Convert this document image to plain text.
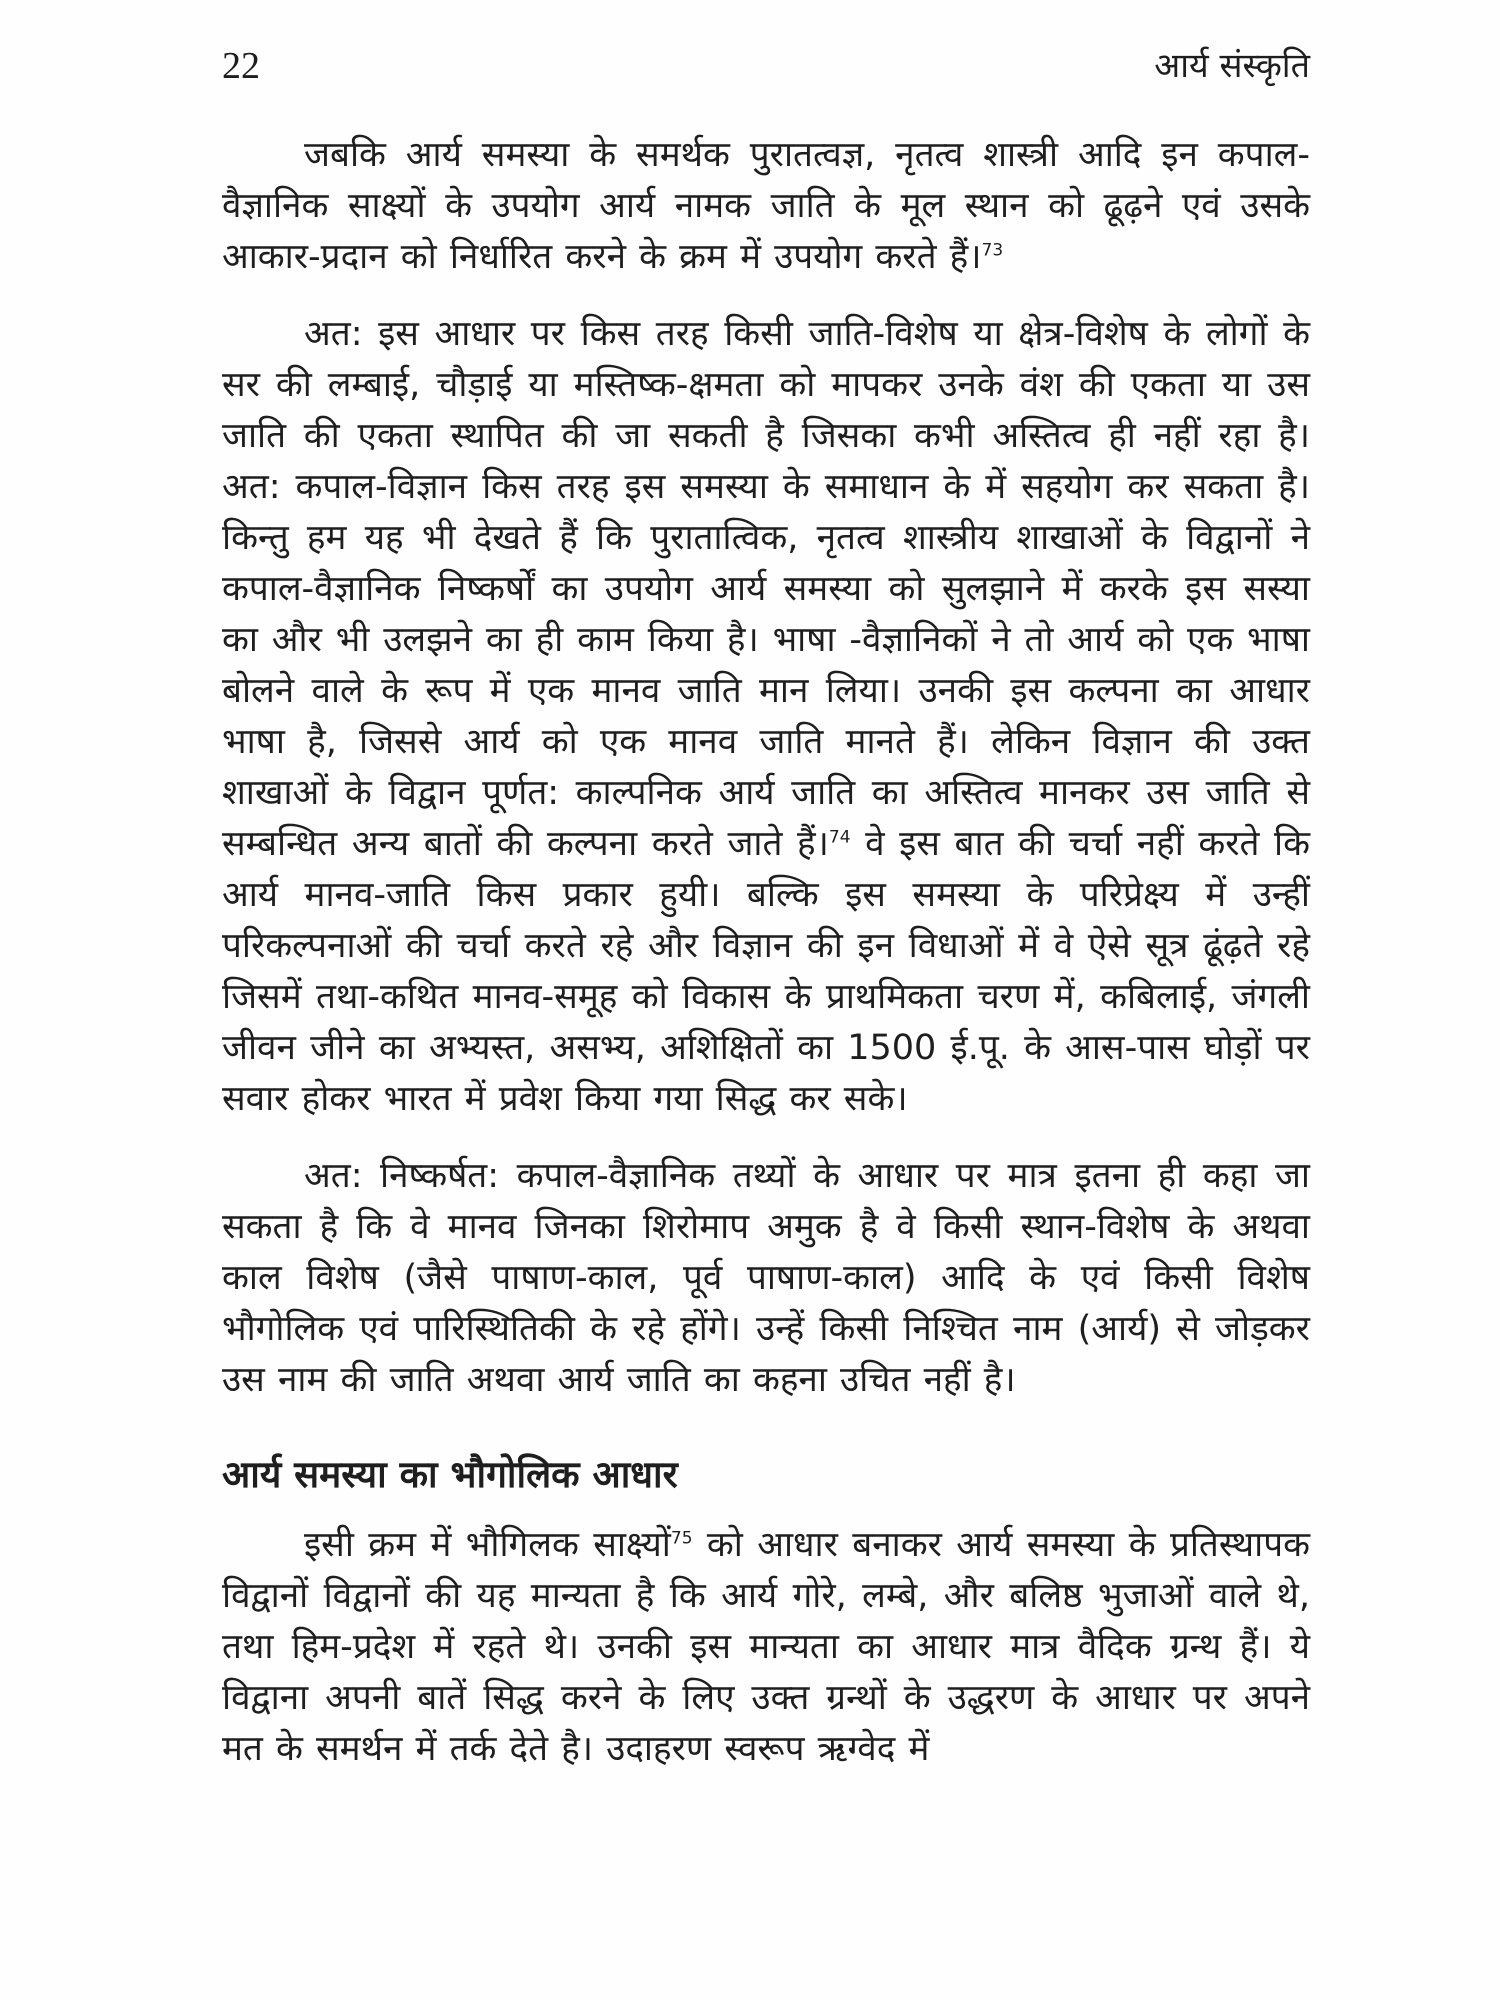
22	आर्य संस्कृति

जबकि आर्य समस्या के समर्थक पुरातत्वज्ञ, नृतत्व शास्त्री आदि इन कपाल-वैज्ञानिक साक्ष्यों के उपयोग आर्य नामक जाति के मूल स्थान को ढूढ़ने एवं उसके आकार-प्रदान को निर्धारित करने के क्रम में उपयोग करते हैं।$^{73}$

अत: इस आधार पर किस तरह किसी जाति-विशेष या क्षेत्र-विशेष के लोगों के सर की लम्बाई, चौड़ाई या मस्तिष्क-क्षमता को मापकर उनके वंश की एकता या उस जाति की एकता स्थापित की जा सकती है जिसका कभी अस्तित्व ही नहीं रहा है। अत: कपाल-विज्ञान किस तरह इस समस्या के समाधान के में सहयोग कर सकता है। किन्तु हम यह भी देखते हैं कि पुरातात्विक, नृतत्व शास्त्रीय शाखाओं के विद्वानों ने कपाल-वैज्ञानिक निष्कर्षों का उपयोग आर्य समस्या को सुलझाने में करके इस सस्या का और भी उलझने का ही काम किया है। भाषा -वैज्ञानिकों ने तो आर्य को एक भाषा बोलने वाले के रूप में एक मानव जाति मान लिया। उनकी इस कल्पना का आधार भाषा है, जिससे आर्य को एक मानव जाति मानते हैं। लेकिन विज्ञान की उक्त शाखाओं के विद्वान पूर्णत: काल्पनिक आर्य जाति का अस्तित्व मानकर उस जाति से सम्बन्धित अन्य बातों की कल्पना करते जाते हैं।$^{74}$ वे इस बात की चर्चा नहीं करते कि आर्य मानव-जाति किस प्रकार हुयी। बल्कि इस समस्या के परिप्रेक्ष्य में उन्हीं परिकल्पनाओं की चर्चा करते रहे और विज्ञान की इन विधाओं में वे ऐसे सूत्र ढूंढ़ते रहे जिसमें तथा-कथित मानव-समूह को विकास के प्राथमिकता चरण में, कबिलाई, जंगली जीवन जीने का अभ्यस्त, असभ्य, अशिक्षितों का 1500 ई.पू. के आस-पास घोड़ों पर सवार होकर भारत में प्रवेश किया गया सिद्ध कर सके।

अत: निष्कर्षत: कपाल-वैज्ञानिक तथ्यों के आधार पर मात्र इतना ही कहा जा सकता है कि वे मानव जिनका शिरोमाप अमुक है वे किसी स्थान-विशेष के अथवा काल विशेष (जैसे पाषाण-काल, पूर्व पाषाण-काल) आदि के एवं किसी विशेष भौगोलिक एवं पारिस्थितिकी के रहे होंगे। उन्हें किसी निश्चित नाम (आर्य) से जोड़कर उस नाम की जाति अथवा आर्य जाति का कहना उचित नहीं है।

आर्य समस्या का भौगोलिक आधार

इसी क्रम में भौगिलक साक्ष्यों$^{75}$ को आधार बनाकर आर्य समस्या के प्रतिस्थापक विद्वानों विद्वानों की यह मान्यता है कि आर्य गोरे, लम्बे, और बलिष्ठ भुजाओं वाले थे, तथा हिम-प्रदेश में रहते थे। उनकी इस मान्यता का आधार मात्र वैदिक ग्रन्थ हैं। ये विद्वाना अपनी बातें सिद्ध करने के लिए उक्त ग्रन्थों के उद्धरण के आधार पर अपने मत के समर्थन में तर्क देते है। उदाहरण स्वरूप ऋग्वेद में
